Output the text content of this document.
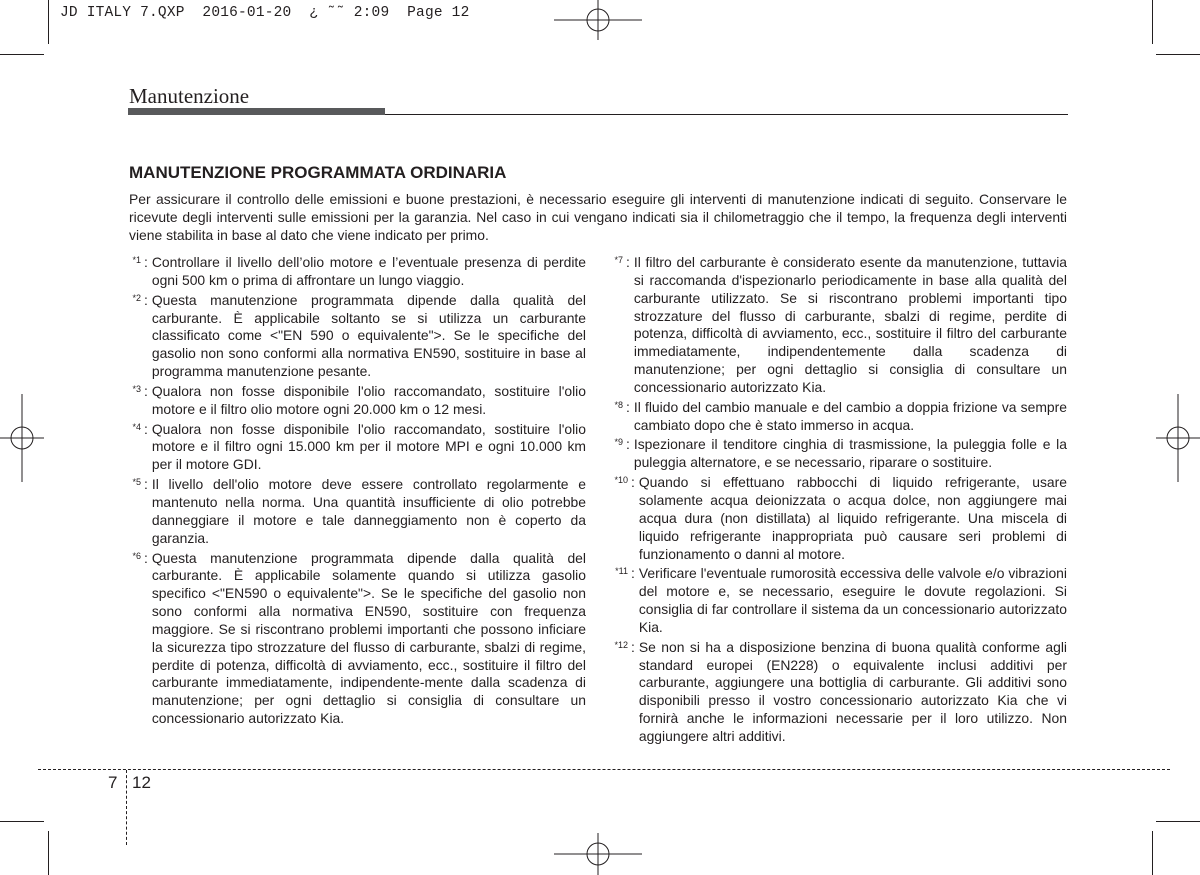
JD ITALY 7.QXP  2016-01-20  ¿ ˜˜ 2:09  Page 12
Manutenzione
MANUTENZIONE PROGRAMMATA ORDINARIA
Per assicurare il controllo delle emissioni e buone prestazioni, è necessario eseguire gli interventi di manutenzione indicati di seguito. Conservare le ricevute degli interventi sulle emissioni per la garanzia. Nel caso in cui vengano indicati sia il chilometraggio che il tempo, la frequenza degli interventi viene stabilita in base al dato che viene indicato per primo.
*1 : Controllare il livello dell’olio motore e l’eventuale presenza di perdite ogni 500 km o prima di affrontare un lungo viaggio.
*2 : Questa manutenzione programmata dipende dalla qualità del carburante. È applicabile soltanto se si utilizza un carburante classificato come <"EN 590 o equivalente">. Se le specifiche del gasolio non sono conformi alla normativa EN590, sostituire in base al programma manutenzione pesante.
*3 : Qualora non fosse disponibile l'olio raccomandato, sostituire l'olio motore e il filtro olio motore ogni 20.000 km o 12 mesi.
*4 : Qualora non fosse disponibile l'olio raccomandato, sostituire l'olio motore e il filtro ogni 15.000 km per il motore MPI e ogni 10.000 km per il motore GDI.
*5 : Il livello dell'olio motore deve essere controllato regolarmente e mantenuto nella norma. Una quantità insufficiente di olio potrebbe danneggiare il motore e tale danneggiamento non è coperto da garanzia.
*6 : Questa manutenzione programmata dipende dalla qualità del carburante. È applicabile solamente quando si utilizza gasolio specifico <"EN590 o equivalente">. Se le specifiche del gasolio non sono conformi alla normativa EN590, sostituire con frequenza maggiore. Se si riscontrano problemi importanti che possono inficiare la sicurezza tipo strozzature del flusso di carburante, sbalzi di regime, perdite di potenza, difficoltà di avviamento, ecc., sostituire il filtro del carburante immediatamente, indipendente-mente dalla scadenza di manutenzione; per ogni dettaglio si consiglia di consultare un concessionario autorizzato Kia.
*7 : Il filtro del carburante è considerato esente da manutenzione, tuttavia si raccomanda d'ispezionarlo periodicamente in base alla qualità del carburante utilizzato. Se si riscontrano problemi importanti tipo strozzature del flusso di carburante, sbalzi di regime, perdite di potenza, difficoltà di avviamento, ecc., sostituire il filtro del carburante immediatamente, indipendentemente dalla scadenza di manutenzione; per ogni dettaglio si consiglia di consultare un concessionario autorizzato Kia.
*8 : Il fluido del cambio manuale e del cambio a doppia frizione va sempre cambiato dopo che è stato immerso in acqua.
*9 : Ispezionare il tenditore cinghia di trasmissione, la puleggia folle e la puleggia alternatore, e se necessario, riparare o sostituire.
*10 : Quando si effettuano rabbocchi di liquido refrigerante, usare solamente acqua deionizzata o acqua dolce, non aggiungere mai acqua dura (non distillata) al liquido refrigerante. Una miscela di liquido refrigerante inappropriata può causare seri problemi di funzionamento o danni al motore.
*11 : Verificare l'eventuale rumorosità eccessiva delle valvole e/o vibrazioni del motore e, se necessario, eseguire le dovute regolazioni. Si consiglia di far controllare il sistema da un concessionario autorizzato Kia.
*12 : Se non si ha a disposizione benzina di buona qualità conforme agli standard europei (EN228) o equivalente inclusi additivi per carburante, aggiungere una bottiglia di carburante. Gli additivi sono disponibili presso il vostro concessionario autorizzato Kia che vi fornirà anche le informazioni necessarie per il loro utilizzo. Non aggiungere altri additivi.
7 12
